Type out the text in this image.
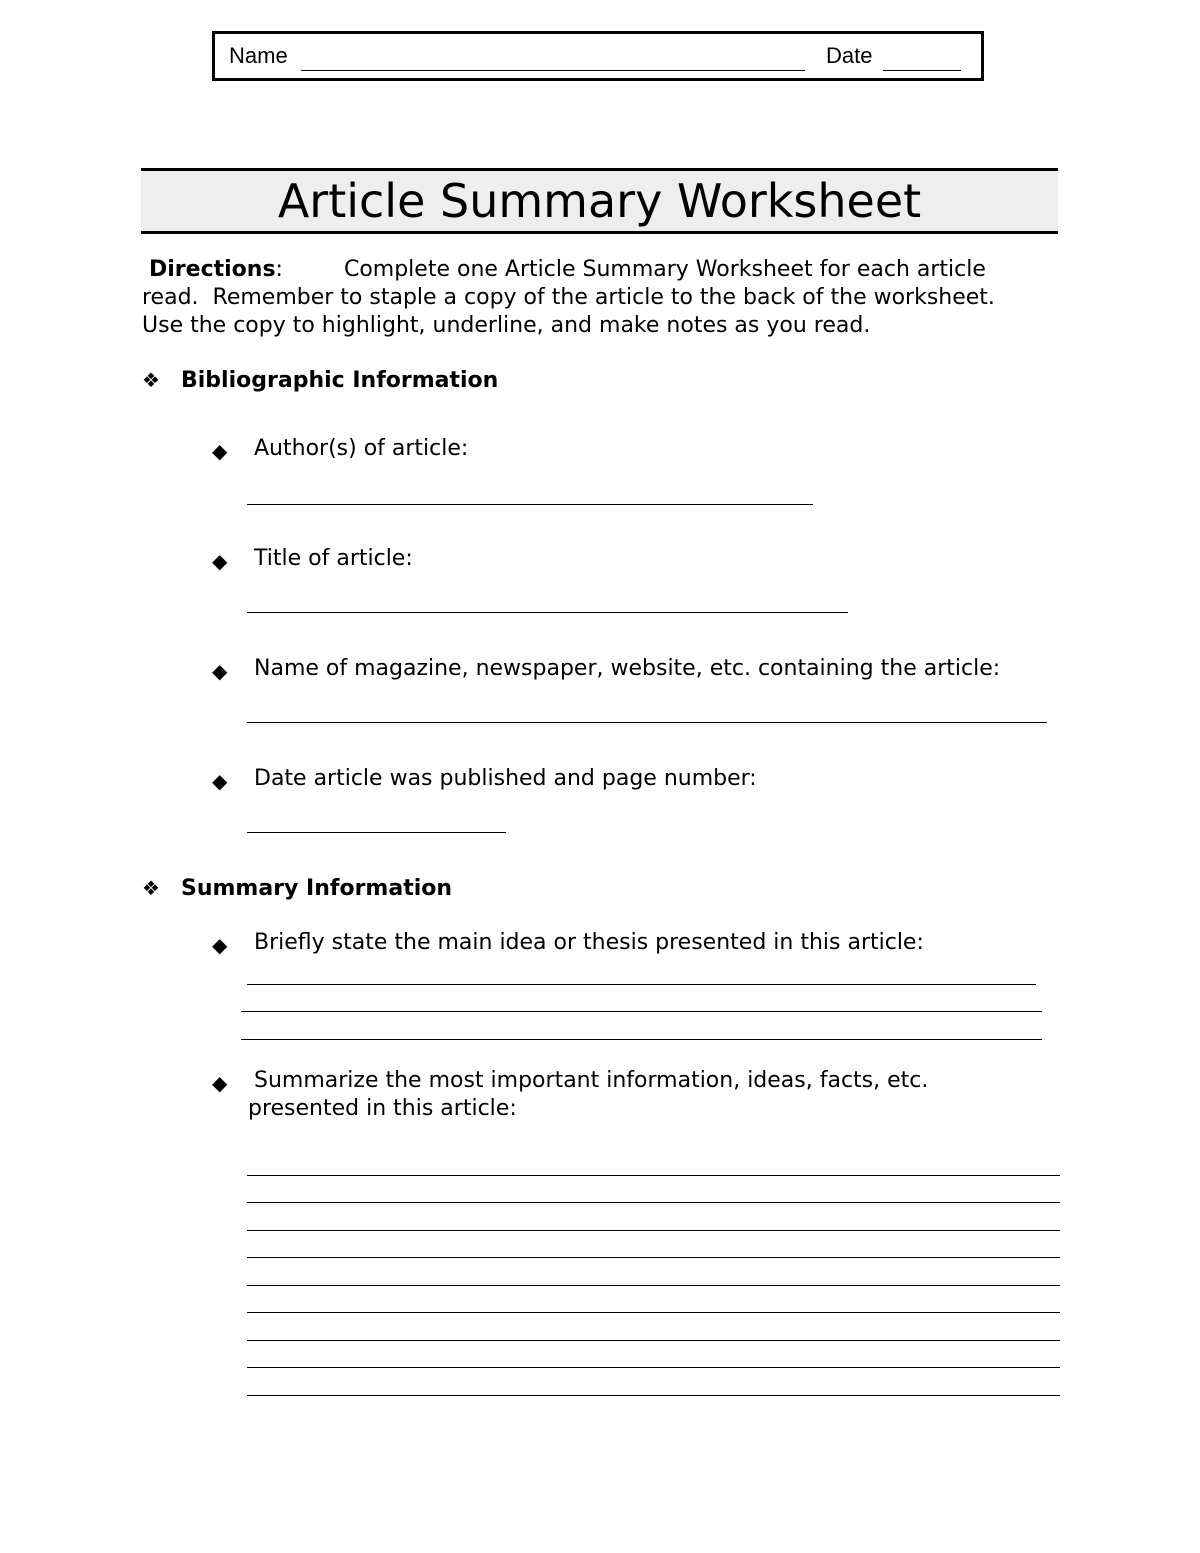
Name	Date
Article Summary Worksheet
Directions:	Complete one Article Summary Worksheet for each article
read.  Remember to staple a copy of the article to the back of the worksheet.
Use the copy to highlight, underline, and make notes as you read.
❖ Bibliographic Information
◆ Author(s) of article:
◆ Title of article:
◆ Name of magazine, newspaper, website, etc. containing the article:
◆ Date article was published and page number:
❖ Summary Information
◆ Briefly state the main idea or thesis presented in this article:
◆ Summarize the most important information, ideas, facts, etc.
presented in this article:
